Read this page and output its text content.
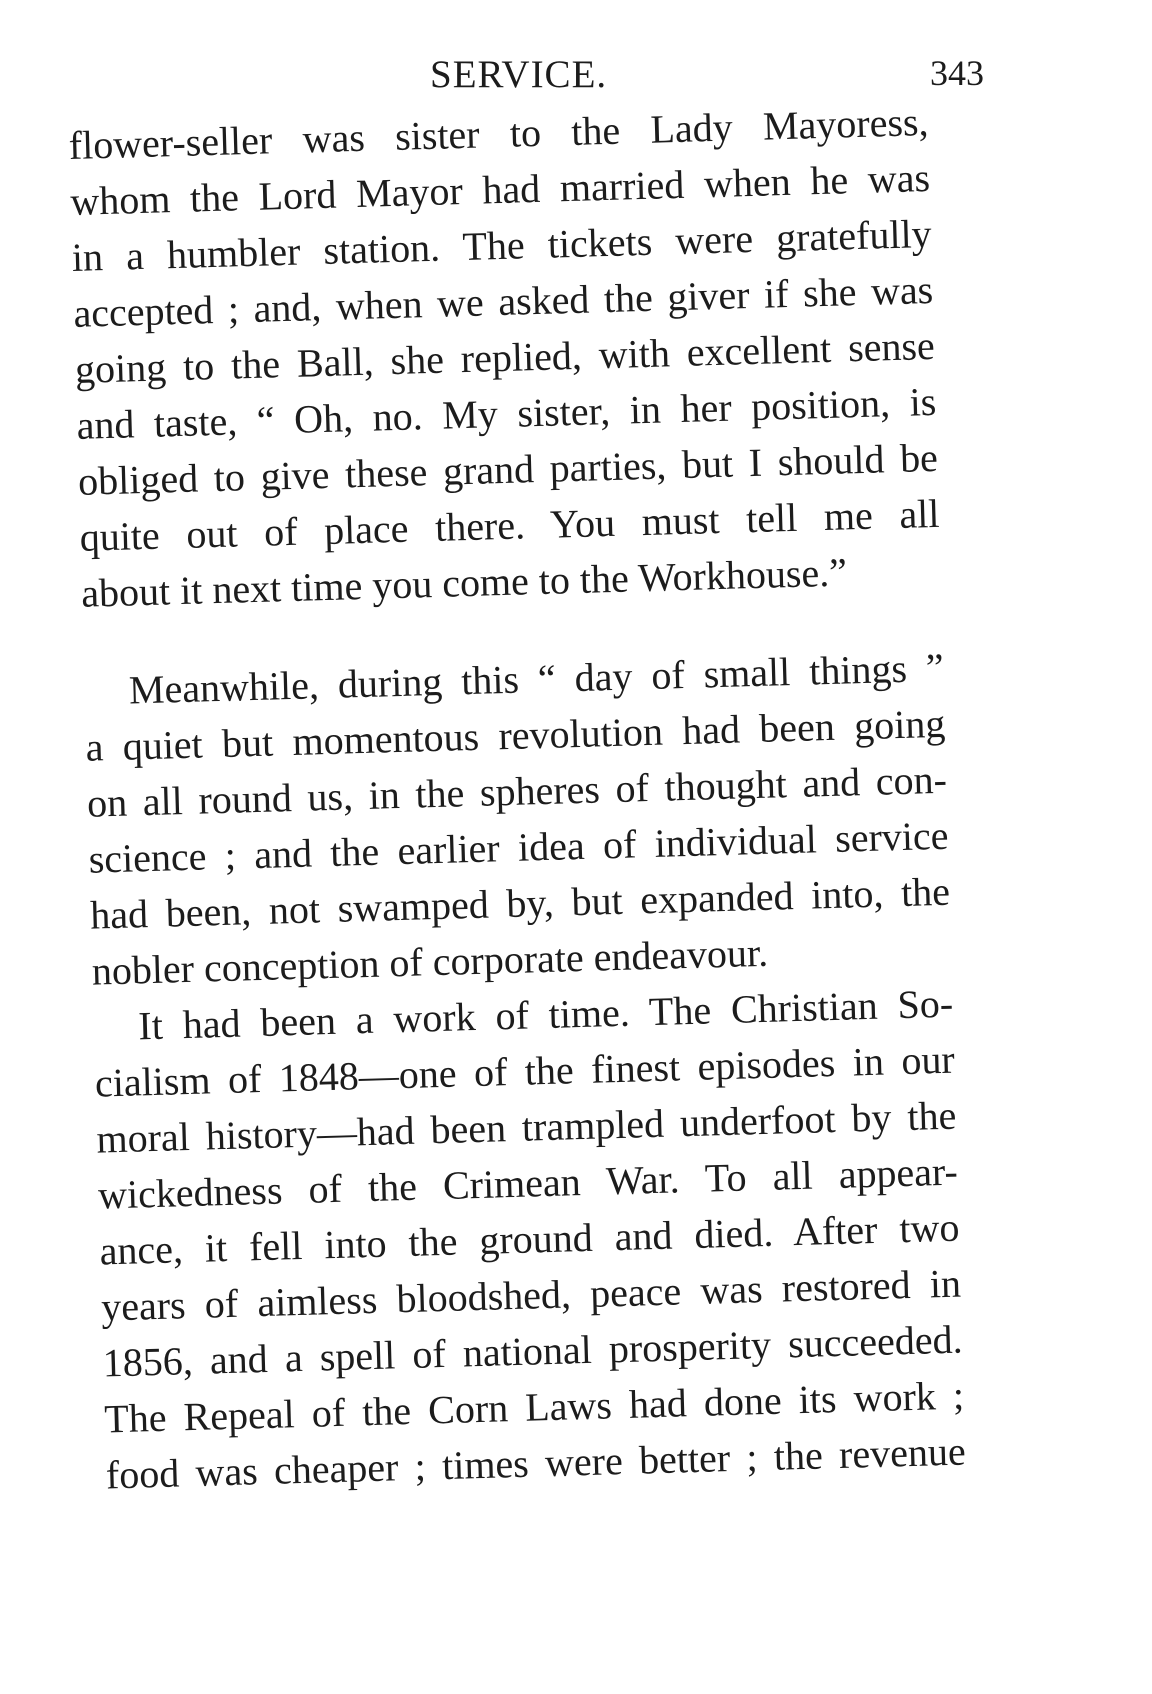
SERVICE.	343

flower-seller was sister to the Lady Mayoress,
whom the Lord Mayor had married when he was
in a humbler station. The tickets were gratefully
accepted ; and, when we asked the giver if she was
going to the Ball, she replied, with excellent sense
and taste, “ Oh, no. My sister, in her position, is
obliged to give these grand parties, but I should be
quite out of place there. You must tell me all
about it next time you come to the Workhouse.”

Meanwhile, during this “ day of small things ”
a quiet but momentous revolution had been going
on all round us, in the spheres of thought and con-
science ; and the earlier idea of individual service
had been, not swamped by, but expanded into, the
nobler conception of corporate endeavour.

It had been a work of time. The Christian So-
cialism of 1848—one of the finest episodes in our
moral history—had been trampled underfoot by the
wickedness of the Crimean War. To all appear-
ance, it fell into the ground and died. After two
years of aimless bloodshed, peace was restored in
1856, and a spell of national prosperity succeeded.
The Repeal of the Corn Laws had done its work ;
food was cheaper ; times were better ; the revenue
